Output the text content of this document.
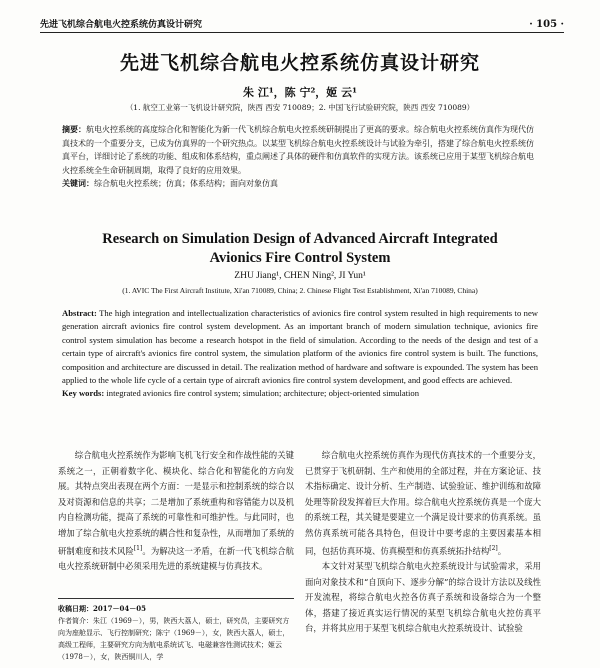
先进飞机综合航电火控系统仿真设计研究	· 105 ·
先进飞机综合航电火控系统仿真设计研究
朱 江¹，陈 宁²，姬 云¹
（1. 航空工业第一飞机设计研究院，陕西 西安 710089；2. 中国飞行试验研究院，陕西 西安 710089）
摘要：航电火控系统的高度综合化和智能化为新一代飞机综合航电火控系统研制提出了更高的要求。综合航电火控系统仿真作为现代仿真技术的一个重要分支，已成为仿真界的一个研究热点。以某型飞机综合航电火控系统设计与试验为牵引，搭建了综合航电火控系统仿真平台，详细讨论了系统的功能、组成和体系结构，重点阐述了具体的硬件和仿真软件的实现方法。该系统已应用于某型飞机综合航电火控系统全生命研制周期，取得了良好的应用效果。
关键词：综合航电火控系统；仿真；体系结构；面向对象仿真
Research on Simulation Design of Advanced Aircraft Integrated
Avionics Fire Control System
ZHU Jiang¹, CHEN Ning², JI Yun¹
(1. AVIC The First Aircraft Institute, Xi'an 710089, China; 2. Chinese Flight Test Establishment, Xi'an 710089, China)
Abstract: The high integration and intellectualization characteristics of avionics fire control system resulted in high requirements to new generation aircraft avionics fire control system development. As an important branch of modern simulation technique, avionics fire control system simulation has become a research hotspot in the field of simulation. According to the needs of the design and test of a certain type of aircraft's avionics fire control system, the simulation platform of the avionics fire control system is built. The functions, composition and architecture are discussed in detail. The realization method of hardware and software is expounded. The system has been applied to the whole life cycle of a certain type of aircraft avionics fire control system development, and good effects are achieved.
Key words: integrated avionics fire control system; simulation; architecture; object-oriented simulation

综合航电火控系统作为影响飞机飞行安全和作战性能的关键系统之一，正朝着数字化、模块化、综合化和智能化的方向发展。其特点突出表现在两个方面：一是显示和控制系统的综合以及对资源和信息的共享；二是增加了系统重构和容错能力以及机内自检测功能，提高了系统的可靠性和可维护性。与此同时，也增加了综合航电火控系统的耦合性和复杂性，从而增加了系统的研制难度和技术风险[1]。为解决这一矛盾，在新一代飞机综合航电火控系统研制中必须采用先进的系统建模与仿真技术。

综合航电火控系统仿真作为现代仿真技术的一个重要分支，已贯穿于飞机研制、生产和使用的全部过程，并在方案论证、技术指标确定、设计分析、生产制造、试验验证、维护训练和故障处理等阶段发挥着巨大作用。综合航电火控系统仿真是一个庞大的系统工程，其关键是要建立一个满足设计要求的仿真系统。虽然仿真系统可能各具特色，但设计中要考虑的主要因素基本相同，包括仿真环境、仿真模型和仿真系统拓扑结构[2]。

本文针对某型飞机综合航电火控系统设计与试验需求，采用面向对象技术和“自顶向下、逐步分解”的综合设计方法以及线性开发流程，将综合航电火控各仿真子系统和设备综合为一个整体，搭建了接近真实运行情况的某型飞机综合航电火控仿真平台，并将其应用于某型飞机综合航电火控系统设计、试验验

收稿日期：2017－04－05

作者简介：朱江（1969－），男，陕西大荔人，硕士，研究员，主要研究方向为座舱显示、飞行控制研究；陈宁（1969－），女，陕西大荔人，硕士，高级工程师，主要研究方向为航电系统试飞、电磁兼容性测试技术；姬云（1978－），女，陕西铜川人，学
